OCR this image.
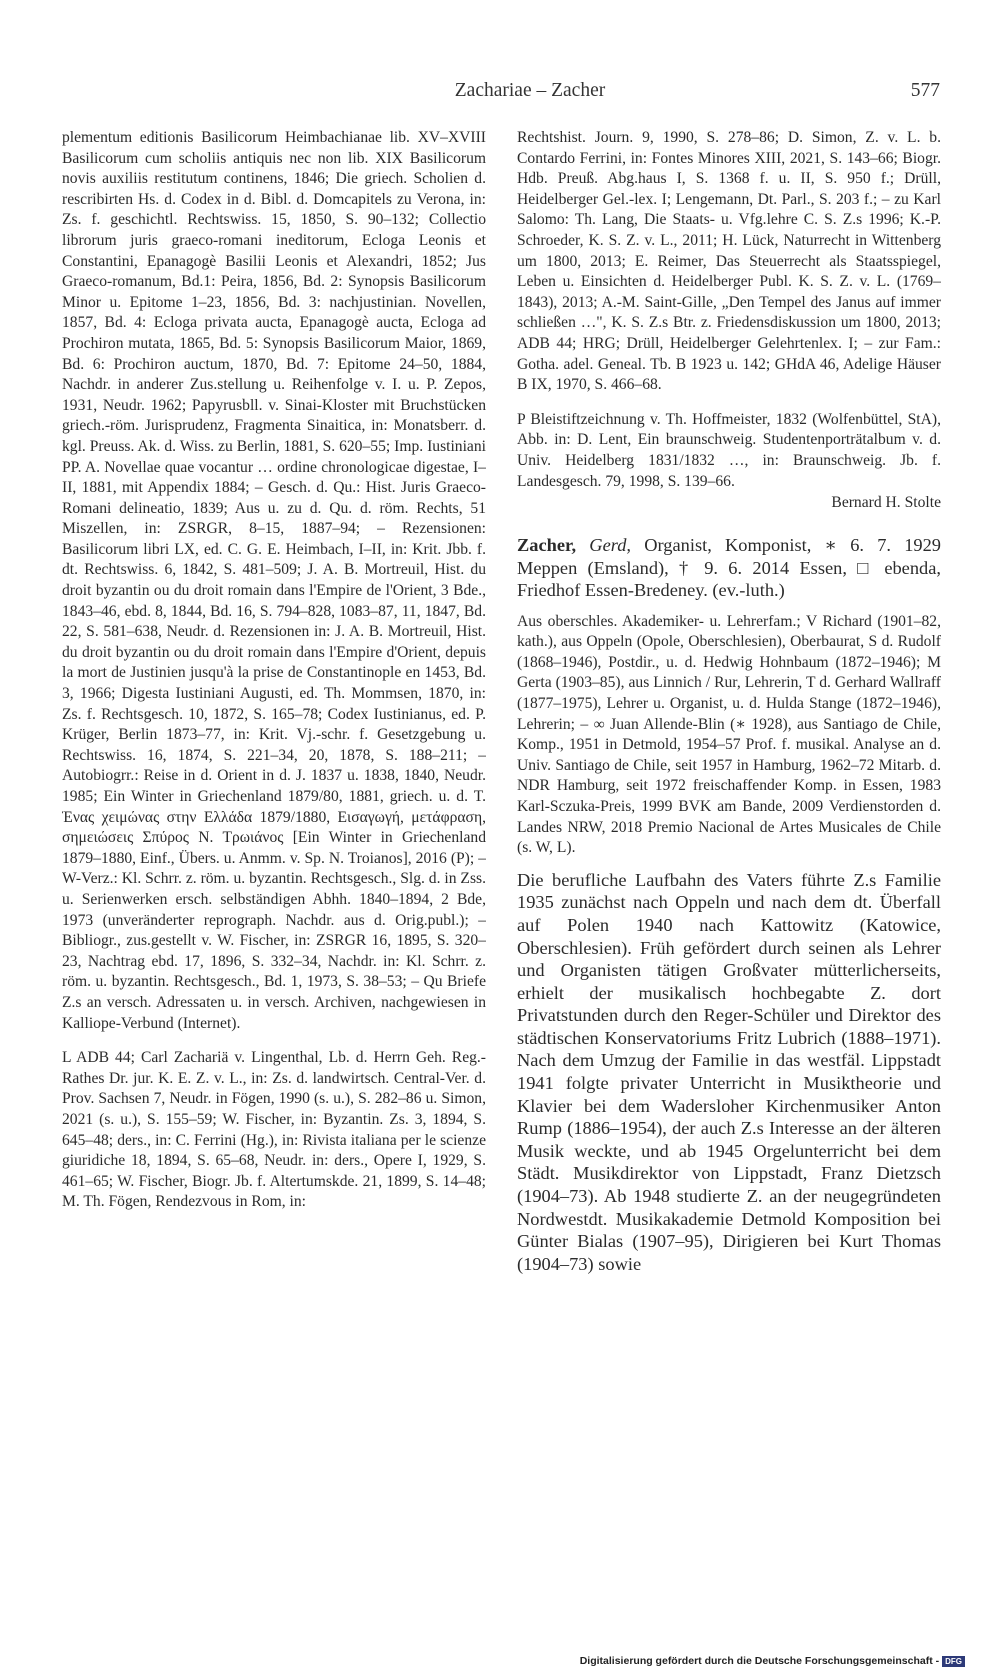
Zachariae – Zacher	577

plementum editionis Basilicorum Heimbachianae lib. XV–XVIII Basilicorum cum scholiis antiquis nec non lib. XIX Basilicorum novis auxiliis restitutum continens, 1846; Die griech. Scholien d. rescribirten Hs. d. Codex in d. Bibl. d. Domcapitels zu Verona, in: Zs. f. geschichtl. Rechtswiss. 15, 1850, S. 90–132; Collectio librorum juris graeco-romani ineditorum, Ecloga Leonis et Constantini, Epanagogè Basilii Leonis et Alexandri, 1852; Jus Graeco-romanum, Bd.1: Peira, 1856, Bd. 2: Synopsis Basilicorum Minor u. Epitome 1–23, 1856, Bd. 3: nachjustinian. Novellen, 1857, Bd. 4: Ecloga privata aucta, Epanagogè aucta, Ecloga ad Prochiron mutata, 1865, Bd. 5: Synopsis Basilicorum Maior, 1869, Bd. 6: Prochiron auctum, 1870, Bd. 7: Epitome 24–50, 1884, Nachdr. in anderer Zus.stellung u. Reihenfolge v. I. u. P. Zepos, 1931, Neudr. 1962; Papyrusbll. v. Sinai-Kloster mit Bruchstücken griech.-röm. Jurisprudenz, Fragmenta Sinaitica, in: Monatsberr. d. kgl. Preuss. Ak. d. Wiss. zu Berlin, 1881, S. 620–55; Imp. Iustiniani PP. A. Novellae quae vocantur … ordine chronologicae digestae, I–II, 1881, mit Appendix 1884; – Gesch. d. Qu.: Hist. Juris Graeco-Romani delineatio, 1839; Aus u. zu d. Qu. d. röm. Rechts, 51 Miszellen, in: ZSRGR, 8–15, 1887–94; – Rezensionen: Basilicorum libri LX, ed. C. G. E. Heimbach, I–II, in: Krit. Jbb. f. dt. Rechtswiss. 6, 1842, S. 481–509; J. A. B. Mortreuil, Hist. du droit byzantin ou du droit romain dans l'Empire de l'Orient, 3 Bde., 1843–46, ebd. 8, 1844, Bd. 16, S. 794–828, 1083–87, 11, 1847, Bd. 22, S. 581–638, Neudr. d. Rezensionen in: J. A. B. Mortreuil, Hist. du droit byzantin ou du droit romain dans l'Empire d'Orient, depuis la mort de Justinien jusqu'à la prise de Constantinople en 1453, Bd. 3, 1966; Digesta Iustiniani Augusti, ed. Th. Mommsen, 1870, in: Zs. f. Rechtsgesch. 10, 1872, S. 165–78; Codex Iustinianus, ed. P. Krüger, Berlin 1873–77, in: Krit. Vj.-schr. f. Gesetzgebung u. Rechtswiss. 16, 1874, S. 221–34, 20, 1878, S. 188–211; – Autobiogrr.: Reise in d. Orient in d. J. 1837 u. 1838, 1840, Neudr. 1985; Ein Winter in Griechenland 1879/80, 1881, griech. u. d. T. Ένας χειμώνας στην Ελλάδα 1879/1880, Εισαγωγή, μετάφραση, σημειώσεις Σπύρος Ν. Τρωιάνος [Ein Winter in Griechenland 1879–1880, Einf., Übers. u. Anmm. v. Sp. N. Troianos], 2016 (P); –W-Verz.: Kl. Schrr. z. röm. u. byzantin. Rechtsgesch., Slg. d. in Zss. u. Serienwerken ersch. selbständigen Abhh. 1840–1894, 2 Bde, 1973 (unveränderter reprograph. Nachdr. aus d. Orig.publ.); – Bibliogr., zus.gestellt v. W. Fischer, in: ZSRGR 16, 1895, S. 320–23, Nachtrag ebd. 17, 1896, S. 332–34, Nachdr. in: Kl. Schrr. z. röm. u. byzantin. Rechtsgesch., Bd. 1, 1973, S. 38–53; – Qu Briefe Z.s an versch. Adressaten u. in versch. Archiven, nachgewiesen in Kalliope-Verbund (Internet).

L ADB 44; Carl Zachariä v. Lingenthal, Lb. d. Herrn Geh. Reg.-Rathes Dr. jur. K. E. Z. v. L., in: Zs. d. landwirtsch. Central-Ver. d. Prov. Sachsen 7, Neudr. in Fögen, 1990 (s. u.), S. 282–86 u. Simon, 2021 (s. u.), S. 155–59; W. Fischer, in: Byzantin. Zs. 3, 1894, S. 645–48; ders., in: C. Ferrini (Hg.), in: Rivista italiana per le scienze giuridiche 18, 1894, S. 65–68, Neudr. in: ders., Opere I, 1929, S. 461–65; W. Fischer, Biogr. Jb. f. Altertumskde. 21, 1899, S. 14–48; M. Th. Fögen, Rendezvous in Rom, in:

Rechtshist. Journ. 9, 1990, S. 278–86; D. Simon, Z. v. L. b. Contardo Ferrini, in: Fontes Minores XIII, 2021, S. 143–66; Biogr. Hdb. Preuß. Abg.haus I, S. 1368 f. u. II, S. 950 f.; Drüll, Heidelberger Gel.-lex. I; Lengemann, Dt. Parl., S. 203 f.; – zu Karl Salomo: Th. Lang, Die Staats- u. Vfg.lehre C. S. Z.s 1996; K.-P. Schroeder, K. S. Z. v. L., 2011; H. Lück, Naturrecht in Wittenberg um 1800, 2013; E. Reimer, Das Steuerrecht als Staatsspiegel, Leben u. Einsichten d. Heidelberger Publ. K. S. Z. v. L. (1769–1843), 2013; A.-M. Saint-Gille, „Den Tempel des Janus auf immer schließen …", K. S. Z.s Btr. z. Friedensdiskussion um 1800, 2013; ADB 44; HRG; Drüll, Heidelberger Gelehrtenlex. I; – zur Fam.: Gotha. adel. Geneal. Tb. B 1923 u. 142; GHdA 46, Adelige Häuser B IX, 1970, S. 466–68.

P Bleistiftzeichnung v. Th. Hoffmeister, 1832 (Wolfenbüttel, StA), Abb. in: D. Lent, Ein braunschweig. Studentenporträtalbum v. d. Univ. Heidelberg 1831/1832 …, in: Braunschweig. Jb. f. Landesgesch. 79, 1998, S. 139–66.

Bernard H. Stolte

Zacher, Gerd, Organist, Komponist, ∗ 6. 7. 1929 Meppen (Emsland), † 9. 6. 2014 Essen, □ ebenda, Friedhof Essen-Bredeney. (ev.-luth.)

Aus oberschles. Akademiker- u. Lehrerfam.; V Richard (1901–82, kath.), aus Oppeln (Opole, Oberschlesien), Oberbaurat, S d. Rudolf (1868–1946), Postdir., u. d. Hedwig Hohnbaum (1872–1946); M Gerta (1903–85), aus Linnich / Rur, Lehrerin, T d. Gerhard Wallraff (1877–1975), Lehrer u. Organist, u. d. Hulda Stange (1872–1946), Lehrerin; – ∞ Juan Allende-Blin (∗ 1928), aus Santiago de Chile, Komp., 1951 in Detmold, 1954–57 Prof. f. musikal. Analyse an d. Univ. Santiago de Chile, seit 1957 in Hamburg, 1962–72 Mitarb. d. NDR Hamburg, seit 1972 freischaffender Komp. in Essen, 1983 Karl-Sczuka-Preis, 1999 BVK am Bande, 2009 Verdienstorden d. Landes NRW, 2018 Premio Nacional de Artes Musicales de Chile (s. W, L).

Die berufliche Laufbahn des Vaters führte Z.s Familie 1935 zunächst nach Oppeln und nach dem dt. Überfall auf Polen 1940 nach Kattowitz (Katowice, Oberschlesien). Früh gefördert durch seinen als Lehrer und Organisten tätigen Großvater mütterlicherseits, erhielt der musikalisch hochbegabte Z. dort Privatstunden durch den Reger-Schüler und Direktor des städtischen Konservatoriums Fritz Lubrich (1888–1971). Nach dem Umzug der Familie in das westfäl. Lippstadt 1941 folgte privater Unterricht in Musiktheorie und Klavier bei dem Wadersloher Kirchenmusiker Anton Rump (1886–1954), der auch Z.s Interesse an der älteren Musik weckte, und ab 1945 Orgelunterricht bei dem Städt. Musikdirektor von Lippstadt, Franz Dietzsch (1904–73). Ab 1948 studierte Z. an der neugegründeten Nordwestdt. Musikakademie Detmold Komposition bei Günter Bialas (1907–95), Dirigieren bei Kurt Thomas (1904–73) sowie

Digitalisierung gefördert durch die Deutsche Forschungsgemeinschaft - DFG
